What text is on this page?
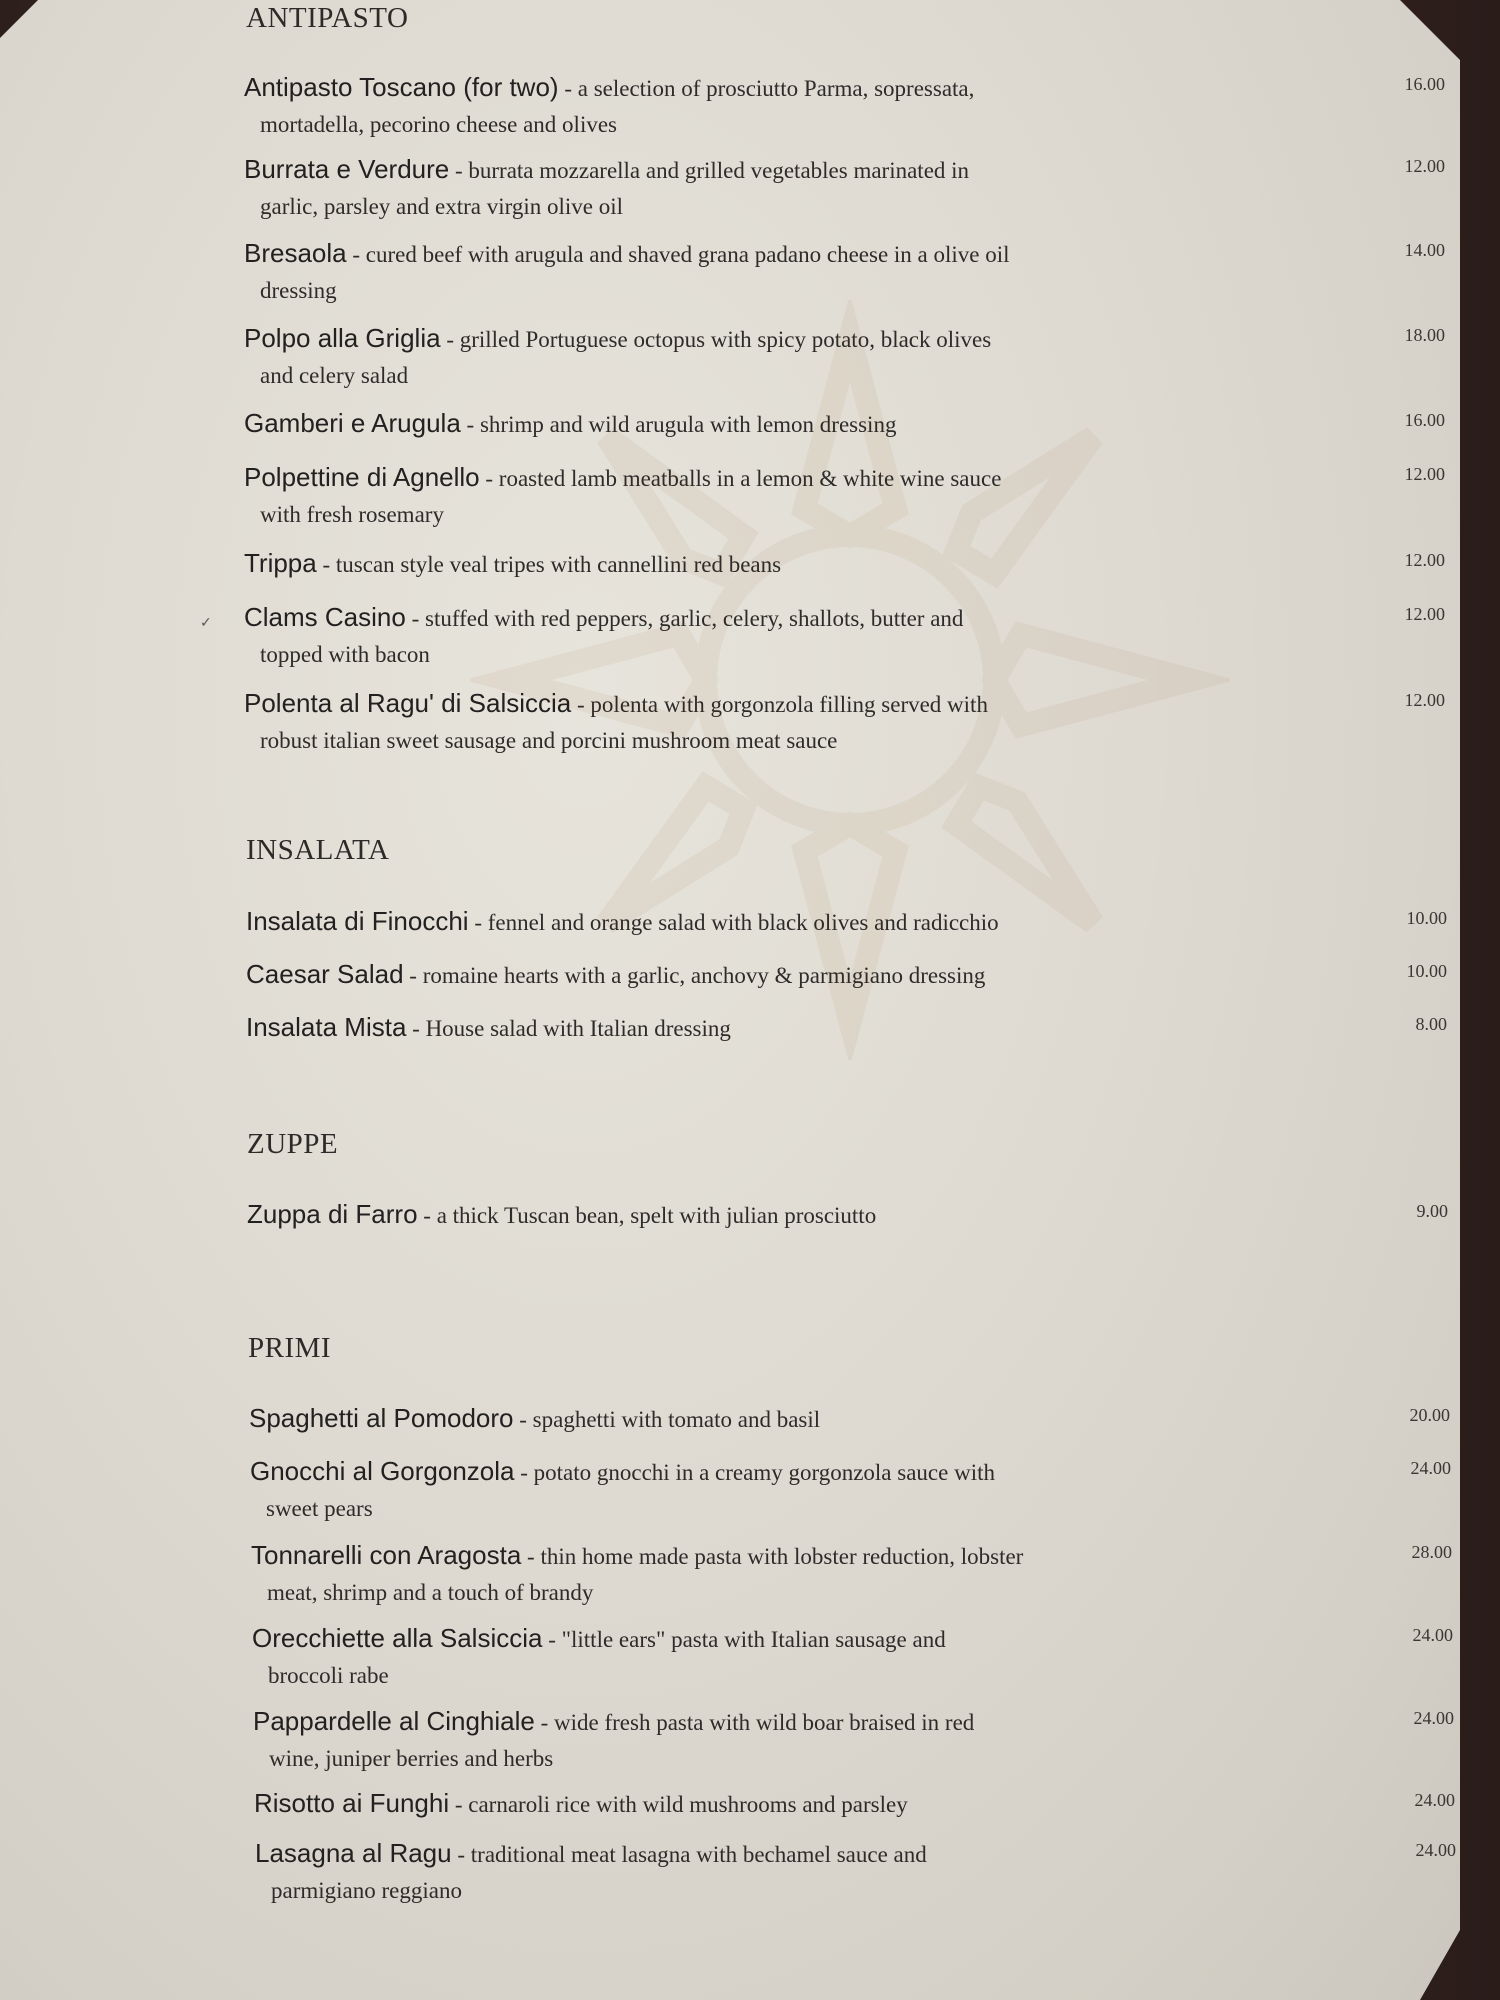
ANTIPASTO
Antipasto Toscano (for two) - a selection of prosciutto Parma, sopressata,
mortadella, pecorino cheese and olives
16.00
Burrata e Verdure - burrata mozzarella and grilled vegetables marinated in
garlic, parsley and extra virgin olive oil
12.00
Bresaola - cured beef with arugula and shaved grana padano cheese in a olive oil
dressing
14.00
Polpo alla Griglia - grilled Portuguese octopus with spicy potato, black olives
and celery salad
18.00
Gamberi e Arugula - shrimp and wild arugula with lemon dressing	16.00
Polpettine di Agnello - roasted lamb meatballs in a lemon & white wine sauce
with fresh rosemary
12.00
Trippa - tuscan style veal tripes with cannellini red beans	12.00
✓ Clams Casino - stuffed with red peppers, garlic, celery, shallots, butter and
topped with bacon
12.00
Polenta al Ragu' di Salsiccia - polenta with gorgonzola filling served with
robust italian sweet sausage and porcini mushroom meat sauce
12.00
INSALATA
Insalata di Finocchi - fennel and orange salad with black olives and radicchio	10.00
Caesar Salad - romaine hearts with a garlic, anchovy & parmigiano dressing	10.00
Insalata Mista - House salad with Italian dressing	8.00
ZUPPE
Zuppa di Farro - a thick Tuscan bean, spelt with julian prosciutto	9.00
PRIMI
Spaghetti al Pomodoro - spaghetti with tomato and basil	20.00
Gnocchi al Gorgonzola - potato gnocchi in a creamy gorgonzola sauce with
sweet pears
24.00
Tonnarelli con Aragosta - thin home made pasta with lobster reduction, lobster
meat, shrimp and a touch of brandy
28.00
Orecchiette alla Salsiccia - "little ears" pasta with Italian sausage and
broccoli rabe
24.00
Pappardelle al Cinghiale - wide fresh pasta with wild boar braised in red
wine, juniper berries and herbs
24.00
Risotto ai Funghi - carnaroli rice with wild mushrooms and parsley	24.00
Lasagna al Ragu - traditional meat lasagna with bechamel sauce and
parmigiano reggiano
24.00
